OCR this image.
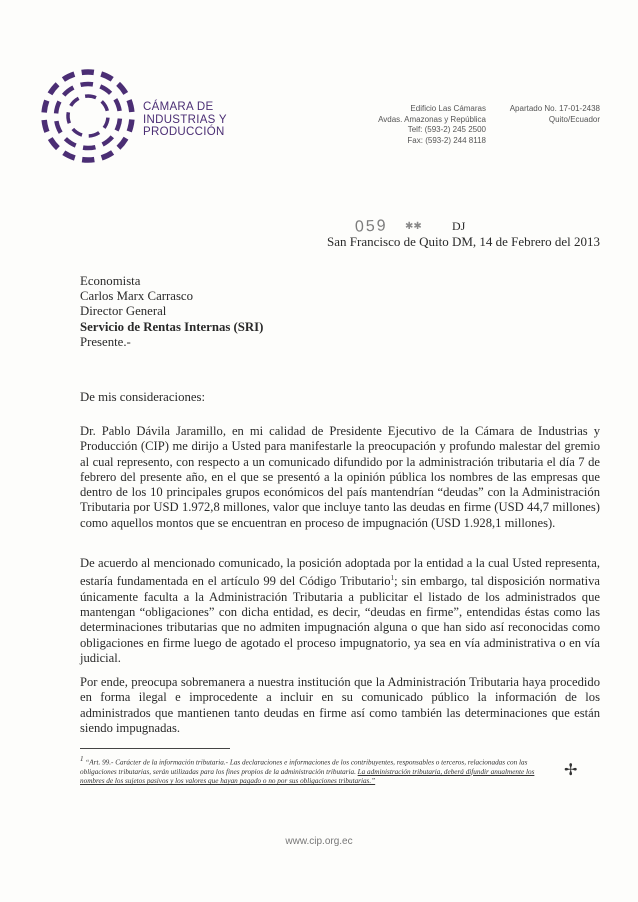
CÁMARA DE
INDUSTRIAS Y
PRODUCCIÓN
Edificio Las Cámaras
Avdas. Amazonas y República
Telf: (593-2) 245 2500
Fax: (593-2) 244 8118
Apartado No. 17-01-2438
Quito/Ecuador
059 ✱✱	DJ
San Francisco de Quito DM, 14 de Febrero del 2013
Economista
Carlos Marx Carrasco
Director General
Servicio de Rentas Internas (SRI)
Presente.-
De mis consideraciones:
Dr. Pablo Dávila Jaramillo, en mi calidad de Presidente Ejecutivo de la Cámara de Industrias y Producción (CIP) me dirijo a Usted para manifestarle la preocupación y profundo malestar del gremio al cual represento, con respecto a un comunicado difundido por la administración tributaria el día 7 de febrero del presente año, en el que se presentó a la opinión pública los nombres de las empresas que dentro de los 10 principales grupos económicos del país mantendrían “deudas” con la Administración Tributaria por USD 1.972,8 millones, valor que incluye tanto las deudas en firme (USD 44,7 millones) como aquellos montos que se encuentran en proceso de impugnación (USD 1.928,1 millones).
De acuerdo al mencionado comunicado, la posición adoptada por la entidad a la cual Usted representa, estaría fundamentada en el artículo 99 del Código Tributario$^1$; sin embargo, tal disposición normativa únicamente faculta a la Administración Tributaria a publicitar el listado de los administrados que mantengan “obligaciones” con dicha entidad, es decir, “deudas en firme”, entendidas éstas como las determinaciones tributarias que no admiten impugnación alguna o que han sido así reconocidas como obligaciones en firme luego de agotado el proceso impugnatorio, ya sea en vía administrativa o en vía judicial.
Por ende, preocupa sobremanera a nuestra institución que la Administración Tributaria haya procedido en forma ilegal e improcedente a incluir en su comunicado público la información de los administrados que mantienen tanto deudas en firme así como también las determinaciones que están siendo impugnadas.
$^1$ “Art. 99.- Carácter de la información tributaria.- Las declaraciones e informaciones de los contribuyentes, responsables o terceros, relacionadas con las obligaciones tributarias, serán utilizadas para los fines propios de la administración tributaria. La administración tributaria, deberá difundir anualmente los nombres de los sujetos pasivos y los valores que hayan pagado o no por sus obligaciones tributarias.”
✢
www.cip.org.ec
